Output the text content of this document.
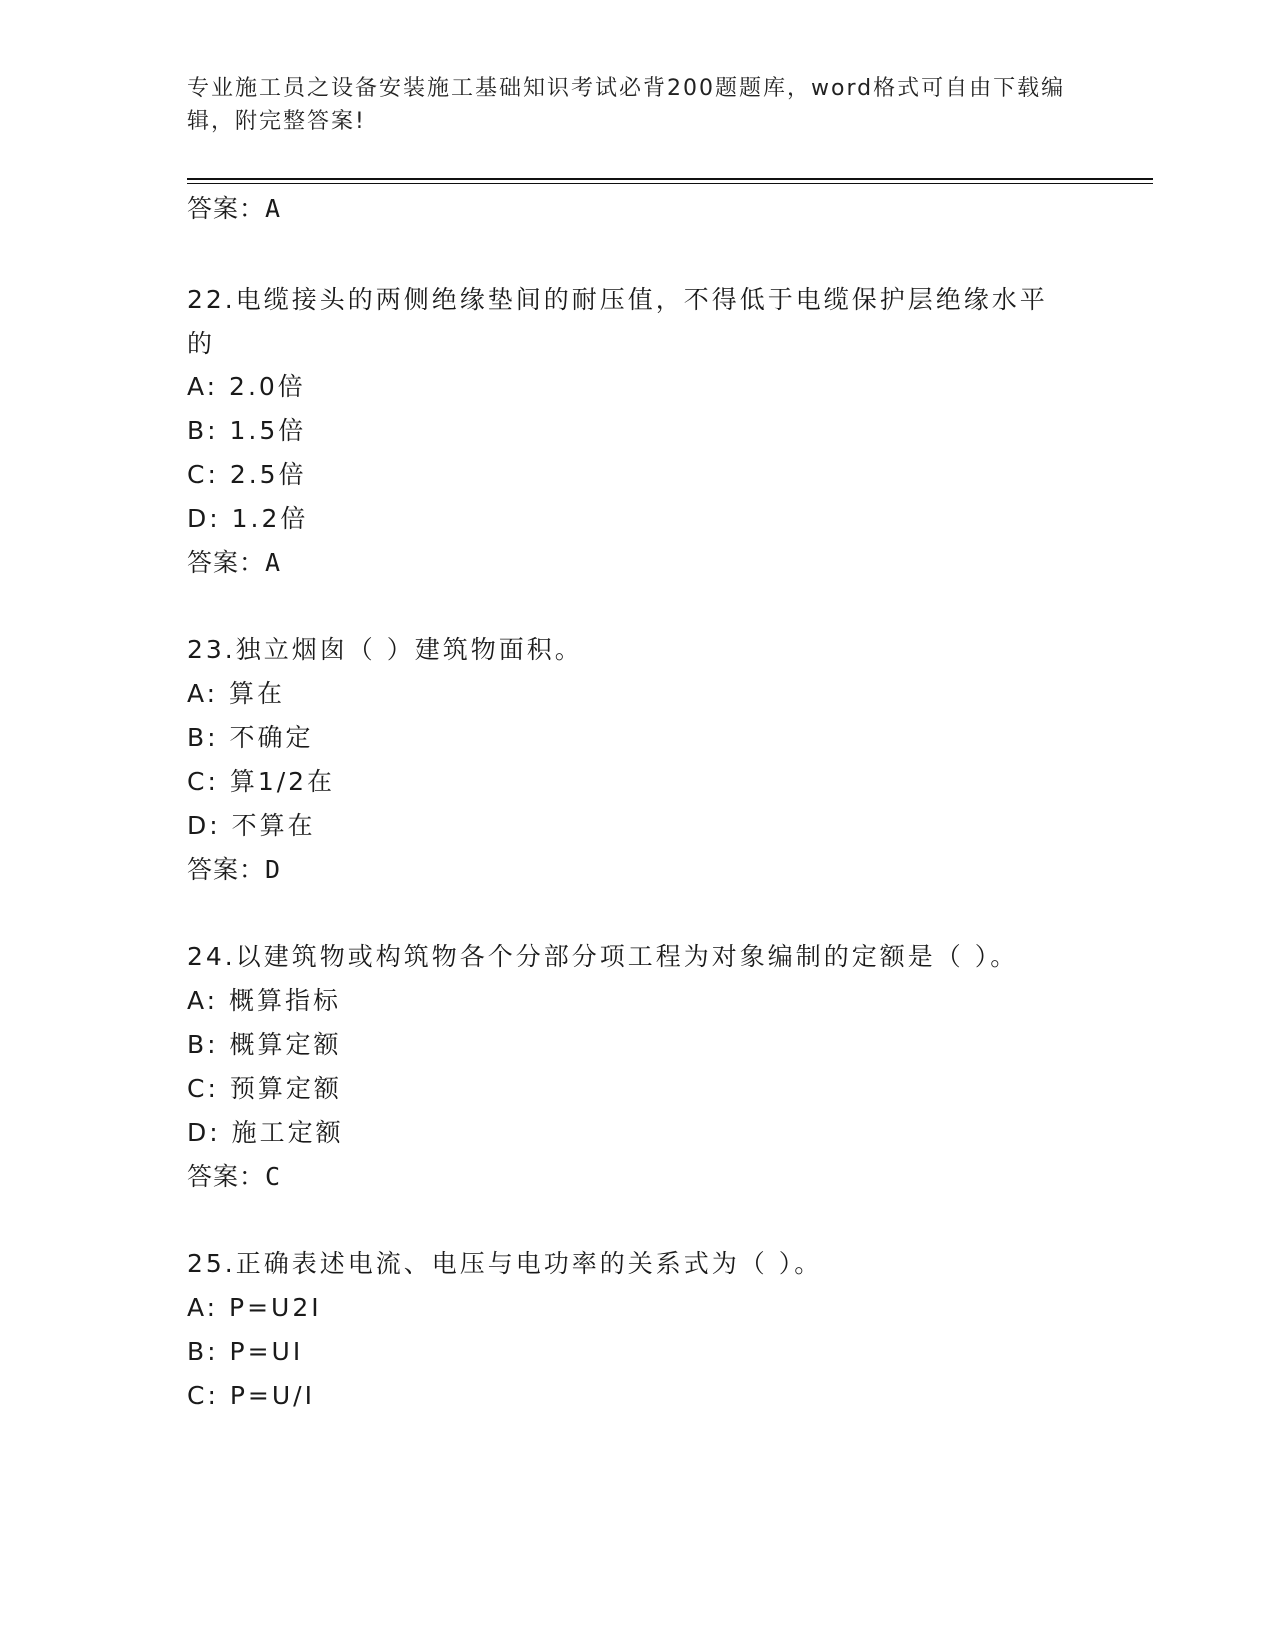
专业施工员之设备安装施工基础知识考试必背200题题库，word格式可自由下载编辑，附完整答案!
答案：A
22.电缆接头的两侧绝缘垫间的耐压值，不得低于电缆保护层绝缘水平的
A: 2.0倍
B: 1.5倍
C: 2.5倍
D: 1.2倍
答案：A
23.独立烟囱（ ）建筑物面积。
A: 算在
B: 不确定
C: 算1/2在
D: 不算在
答案：D
24.以建筑物或构筑物各个分部分项工程为对象编制的定额是（ ）。
A: 概算指标
B: 概算定额
C: 预算定额
D: 施工定额
答案：C
25.正确表述电流、电压与电功率的关系式为（ ）。
A: P=U2I
B: P=UI
C: P=U/I
